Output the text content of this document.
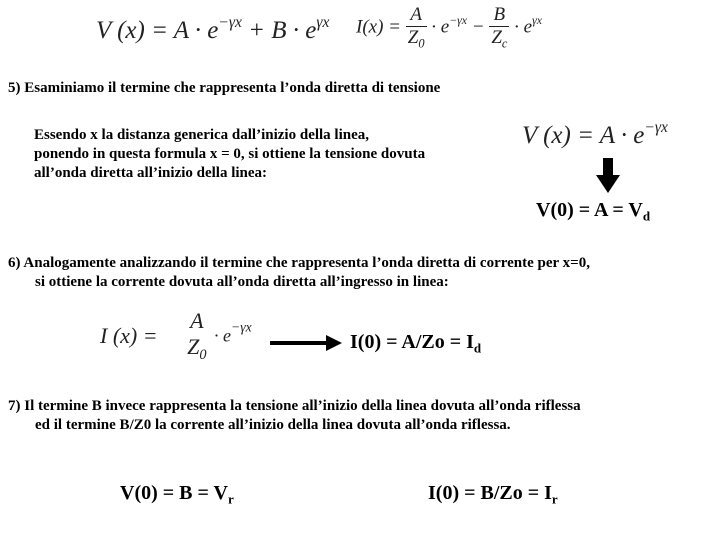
V $(x) = A \cdot e^{-\gamma x} + B \cdot e^{\gamma x}$ $I(x) = \frac{A}{Z_0} \cdot e^{-\gamma x} - \frac{B}{Z_c} \cdot e^{\gamma x}$
5) Esaminiamo il termine che rappresenta l’onda diretta di tensione
Essendo x la distanza generica dall’inizio della linea,
ponendo in questa formula x = 0, si ottiene la tensione dovuta
all’onda diretta all’inizio della linea:
V $(x) = A \cdot e^{-\gamma x}$
$V(0) = A = V_d$
6) Analogamente analizzando il termine che rappresenta l’onda diretta di corrente per x=0,
si ottiene la corrente dovuta all’onda diretta all’ingresso in linea:
I (x) =
A
$Z_0$
· $e^{-\gamma x}$
$I(0) = A/Zo = I_d$
7) Il termine B invece rappresenta la tensione all’inizio della linea dovuta all’onda riflessa
ed il termine B/Z0 la corrente all’inizio della linea dovuta all’onda riflessa.
$V(0) = B = V_r$	$I(0) = B/Zo = I_r$
